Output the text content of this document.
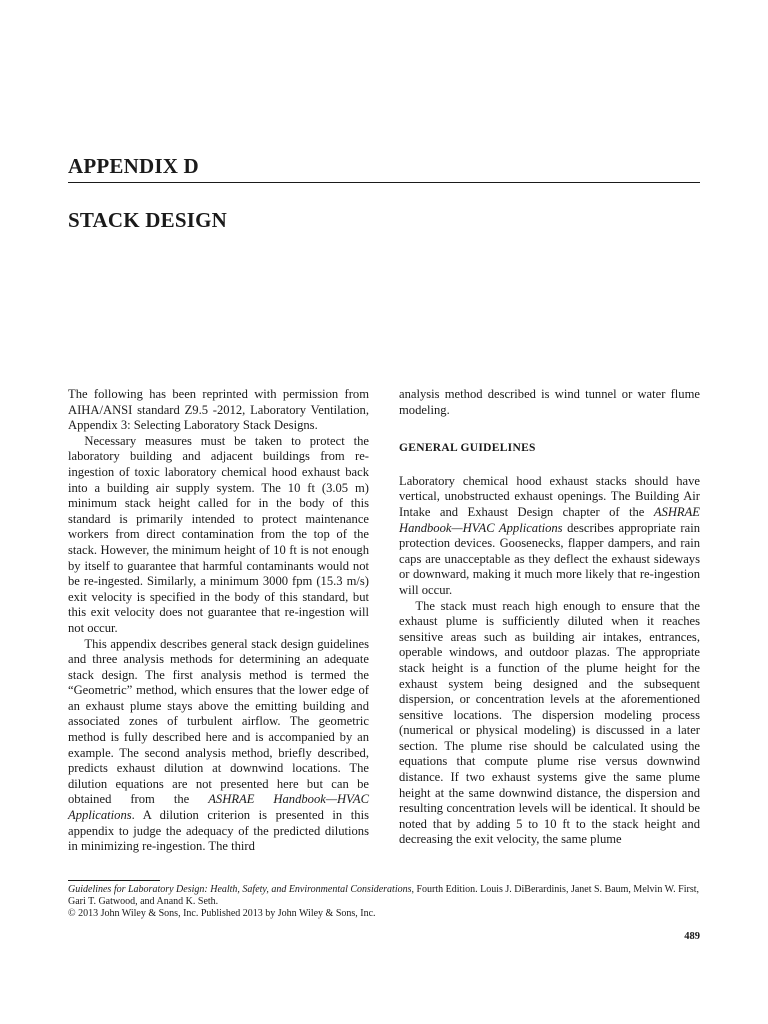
APPENDIX D
STACK DESIGN

The following has been reprinted with permission from AIHA/ANSI standard Z9.5 -2012, Laboratory Ventilation, Appendix 3: Selecting Laboratory Stack Designs.

Necessary measures must be taken to protect the laboratory building and adjacent buildings from re-ingestion of toxic laboratory chemical hood exhaust back into a building air supply system. The 10 ft (3.05 m) minimum stack height called for in the body of this standard is primarily intended to protect maintenance workers from direct contamination from the top of the stack. However, the minimum height of 10 ft is not enough by itself to guarantee that harmful contaminants would not be re-ingested. Similarly, a minimum 3000 fpm (15.3 m/s) exit velocity is specified in the body of this standard, but this exit velocity does not guarantee that re-ingestion will not occur.

This appendix describes general stack design guidelines and three analysis methods for determining an adequate stack design. The first analysis method is termed the “Geometric” method, which ensures that the lower edge of an exhaust plume stays above the emitting building and associated zones of turbulent airflow. The geometric method is fully described here and is accompanied by an example. The second analysis method, briefly described, predicts exhaust dilution at downwind locations. The dilution equations are not presented here but can be obtained from the ASHRAE Handbook—HVAC Applications. A dilution criterion is presented in this appendix to judge the adequacy of the predicted dilutions in minimizing re-ingestion. The third

analysis method described is wind tunnel or water flume modeling.

GENERAL GUIDELINES

Laboratory chemical hood exhaust stacks should have vertical, unobstructed exhaust openings. The Building Air Intake and Exhaust Design chapter of the ASHRAE Handbook—HVAC Applications describes appropriate rain protection devices. Goosenecks, flapper dampers, and rain caps are unacceptable as they deflect the exhaust sideways or downward, making it much more likely that re-ingestion will occur.

The stack must reach high enough to ensure that the exhaust plume is sufficiently diluted when it reaches sensitive areas such as building air intakes, entrances, operable windows, and outdoor plazas. The appropriate stack height is a function of the plume height for the exhaust system being designed and the subsequent dispersion, or concentration levels at the aforementioned sensitive locations. The dispersion modeling process (numerical or physical modeling) is discussed in a later section. The plume rise should be calculated using the equations that compute plume rise versus downwind distance. If two exhaust systems give the same plume height at the same downwind distance, the dispersion and resulting concentration levels will be identical. It should be noted that by adding 5 to 10 ft to the stack height and decreasing the exit velocity, the same plume

Guidelines for Laboratory Design: Health, Safety, and Environmental Considerations, Fourth Edition. Louis J. DiBerardinis, Janet S. Baum, Melvin W. First, Gari T. Gatwood, and Anand K. Seth.

© 2013 John Wiley & Sons, Inc. Published 2013 by John Wiley & Sons, Inc.

489
